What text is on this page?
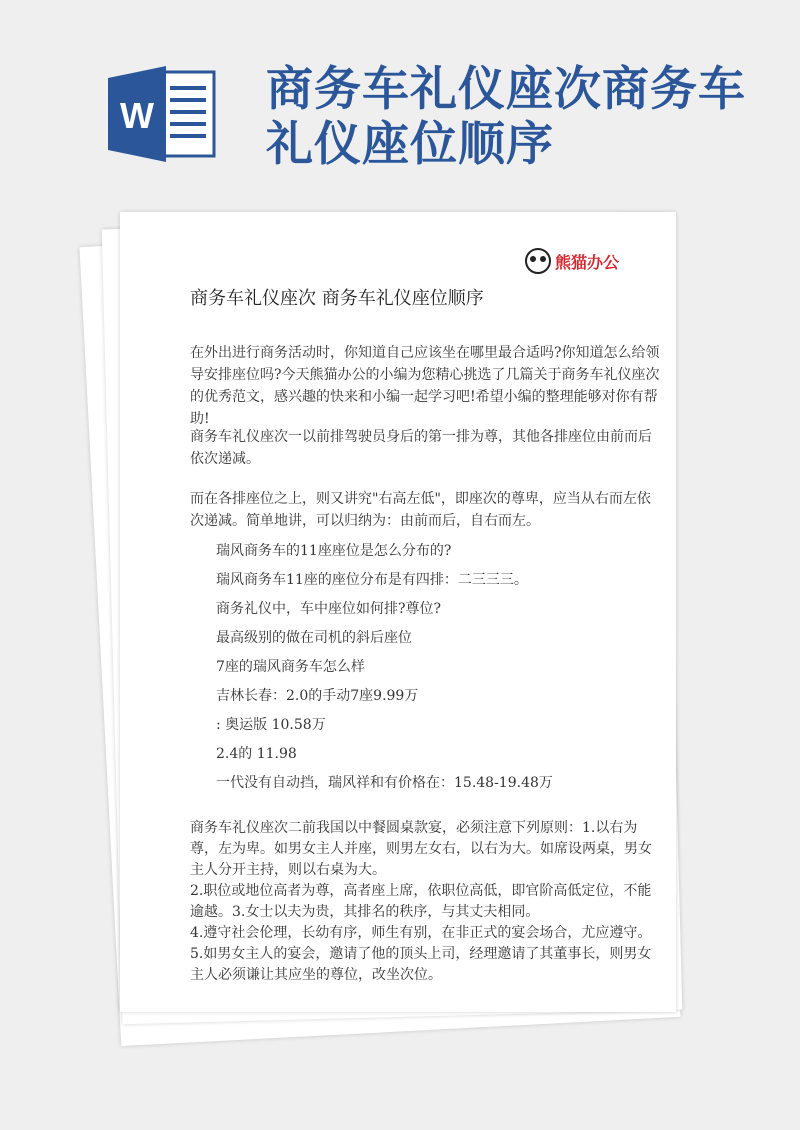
W 商务车礼仪座次商务车礼仪座位顺序
熊猫办公
商务车礼仪座次 商务车礼仪座位顺序
在外出进行商务活动时，你知道自己应该坐在哪里最合适吗?你知道怎么给领导安排座位吗?今天熊猫办公的小编为您精心挑选了几篇关于商务车礼仪座次的优秀范文，感兴趣的快来和小编一起学习吧!希望小编的整理能够对你有帮助!
商务车礼仪座次一以前排驾驶员身后的第一排为尊，其他各排座位由前而后依次递减。
而在各排座位之上，则又讲究"右高左低"，即座次的尊卑，应当从右而左依次递减。简单地讲，可以归纳为：由前而后，自右而左。
瑞风商务车的11座座位是怎么分布的?
瑞风商务车11座的座位分布是有四排：二三三三。
商务礼仪中，车中座位如何排?尊位?
最高级别的做在司机的斜后座位
7座的瑞风商务车怎么样
吉林长春：2.0的手动7座9.99万
: 奥运版 10.58万
2.4的 11.98
一代没有自动挡，瑞风祥和有价格在：15.48-19.48万
商务车礼仪座次二前我国以中餐圆桌款宴，必须注意下列原则：1.以右为尊，左为卑。如男女主人并座，则男左女右，以右为大。如席设两桌，男女主人分开主持，则以右桌为大。
2.职位或地位高者为尊，高者座上席，依职位高低，即官阶高低定位，不能逾越。3.女士以夫为贵，其排名的秩序，与其丈夫相同。
4.遵守社会伦理，长幼有序，师生有别，在非正式的宴会场合，尤应遵守。5.如男女主人的宴会，邀请了他的顶头上司，经理邀请了其董事长，则男女主人必须谦让其应坐的尊位，改坐次位。
